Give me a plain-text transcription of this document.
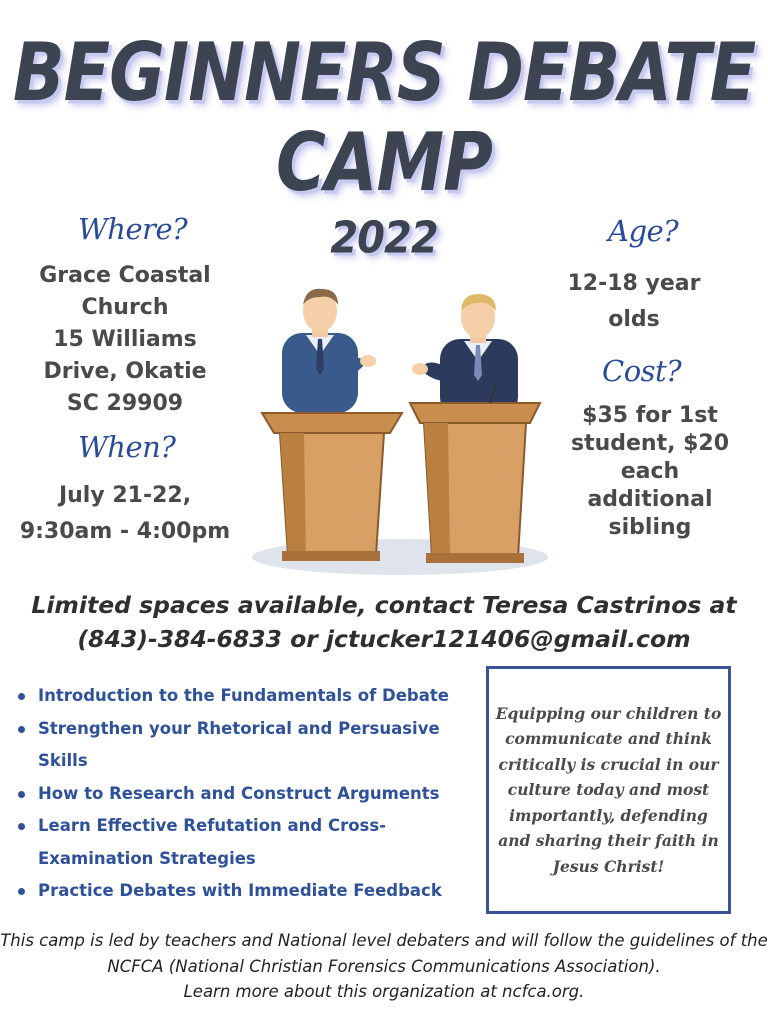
BEGINNERS DEBATE
CAMP
2022
Where?
Grace Coastal
Church
15 Williams
Drive, Okatie
SC 29909
When?
July 21-22,
9:30am - 4:00pm
Age?
12-18 year
olds
Cost?
$35 for 1st
student, $20
each
additional
sibling
Limited spaces available, contact Teresa Castrinos at
(843)-384-6833 or jctucker121406@gmail.com
Introduction to the Fundamentals of Debate
Strengthen your Rhetorical and Persuasive Skills
How to Research and Construct Arguments
Learn Effective Refutation and Cross-Examination Strategies
Practice Debates with Immediate Feedback

Equipping our children to communicate and think critically is crucial in our culture today and most importantly, defending and sharing their faith in Jesus Christ!

This camp is led by teachers and National level debaters and will follow the guidelines of the
NCFCA (National Christian Forensics Communications Association).
Learn more about this organization at ncfca.org.
